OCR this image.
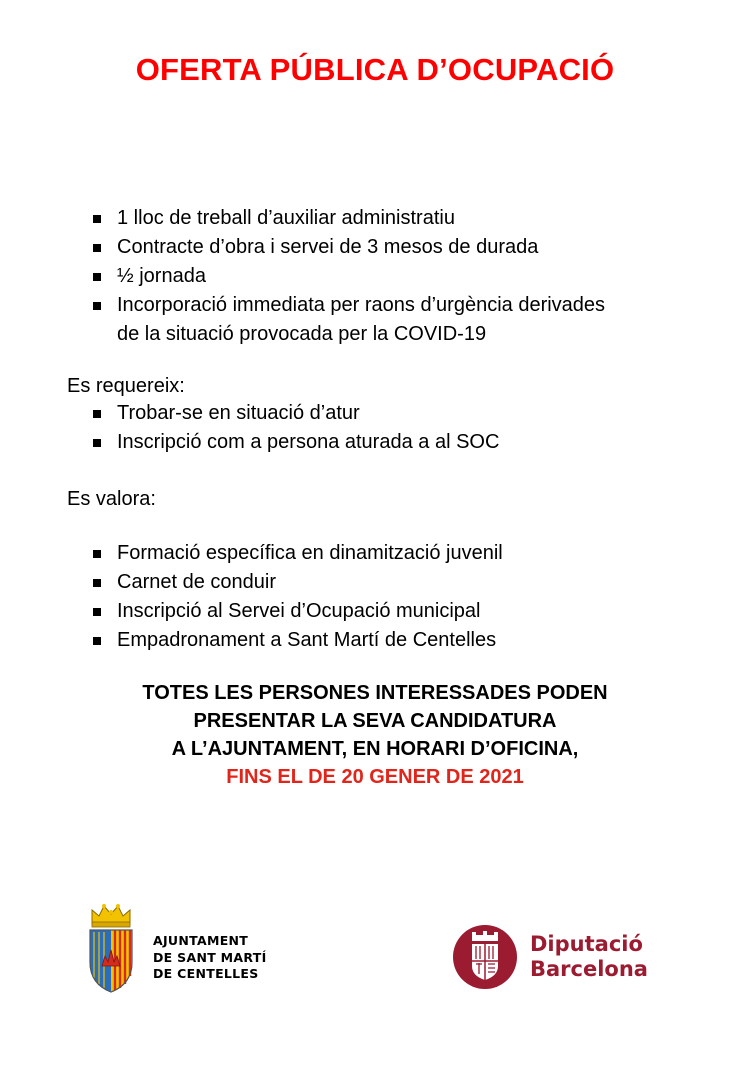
OFERTA PÚBLICA D’OCUPACIÓ
1 lloc de treball d’auxiliar administratiu
Contracte d’obra i servei de 3 mesos de durada
½ jornada
Incorporació immediata per raons d’urgència derivades
de la situació provocada per la COVID-19
Es requereix:
Trobar-se en situació d’atur
Inscripció com a persona aturada a al SOC
Es valora:
Formació específica en dinamització juvenil
Carnet de conduir
Inscripció al Servei d’Ocupació municipal
Empadronament a Sant Martí de Centelles
TOTES LES PERSONES INTERESSADES PODEN
PRESENTAR LA SEVA CANDIDATURA
A L’AJUNTAMENT, EN HORARI D’OFICINA,
FINS EL DE 20 GENER DE 2021
AJUNTAMENT
DE SANT MARTÍ
DE CENTELLES
Diputació
Barcelona
